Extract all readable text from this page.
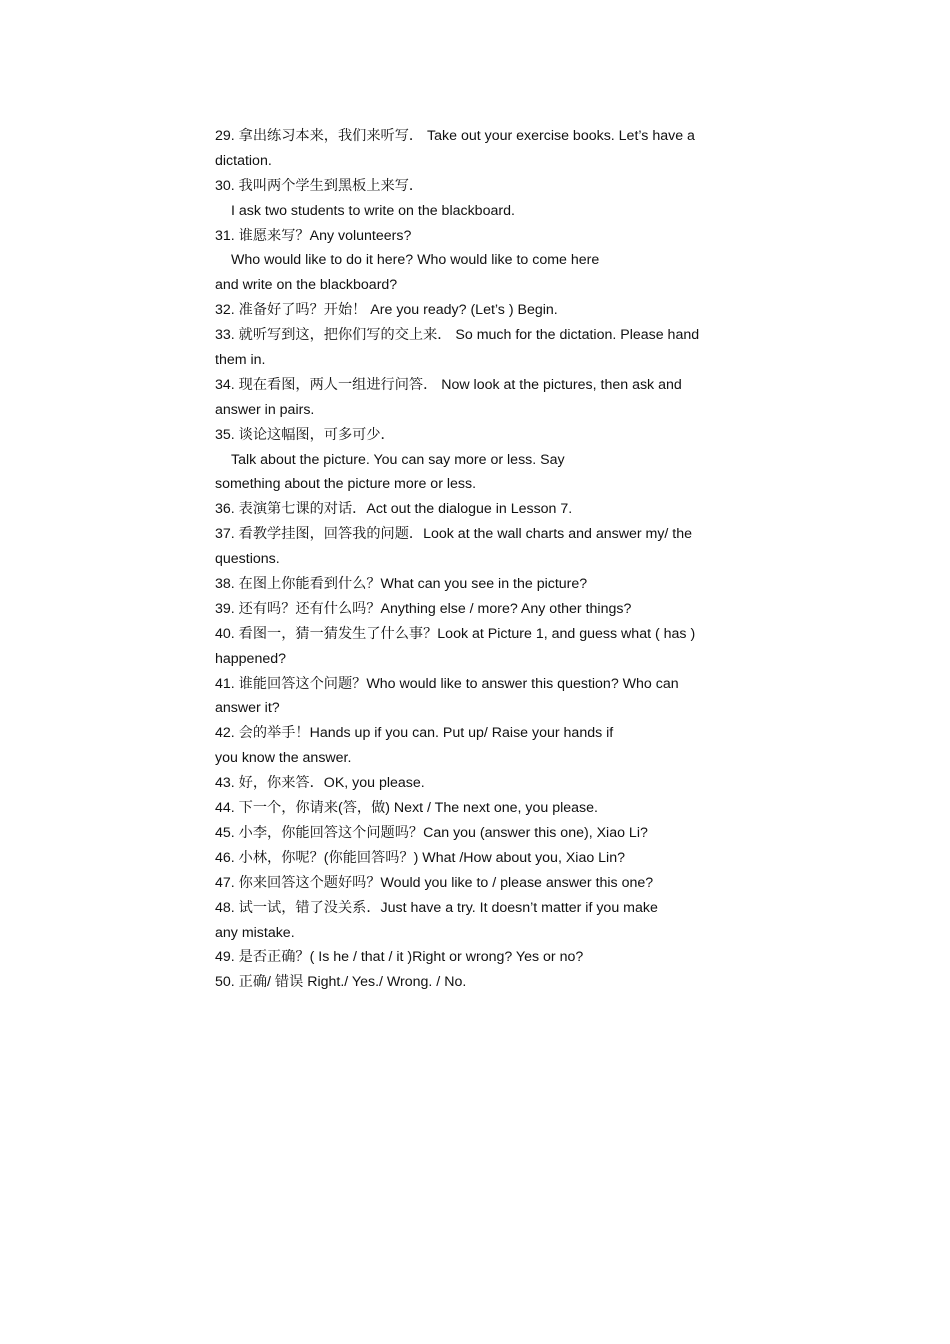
29. 拿出练习本来，我们来听写． Take out your exercise books. Let’s have a
dictation.
30. 我叫两个学生到黑板上来写．
I ask two students to write on the blackboard.
31. 谁愿来写？Any volunteers?
Who would like to do it here? Who would like to come here
and write on the blackboard?
32. 准备好了吗？开始！ Are you ready? (Let’s ) Begin.
33. 就听写到这，把你们写的交上来． So much for the dictation. Please hand
them in.
34. 现在看图，两人一组进行问答． Now look at the pictures, then ask and
answer in pairs.
35. 谈论这幅图，可多可少．
Talk about the picture. You can say more or less. Say
something about the picture more or less.
36. 表演第七课的对话．Act out the dialogue in Lesson 7.
37. 看教学挂图，回答我的问题．Look at the wall charts and answer my/ the
questions.
38. 在图上你能看到什么？What can you see in the picture?
39. 还有吗？还有什么吗？Anything else / more? Any other things?
40. 看图一，猜一猜发生了什么事？Look at Picture 1, and guess what ( has )
happened?
41. 谁能回答这个问题？Who would like to answer this question? Who can
answer it?
42. 会的举手！Hands up if you can. Put up/ Raise your hands if
you know the answer.
43. 好，你来答．OK, you please.
44. 下一个，你请来(答，做) Next / The next one, you please.
45. 小李，你能回答这个问题吗？Can you (answer this one), Xiao Li?
46. 小林，你呢？(你能回答吗？) What /How about you, Xiao Lin?
47. 你来回答这个题好吗？Would you like to / please answer this one?
48. 试一试，错了没关系．Just have a try. It doesn’t matter if you make
any mistake.
49. 是否正确？( Is he / that / it )Right or wrong? Yes or no?
50. 正确/ 错误 Right./ Yes./ Wrong. / No.
